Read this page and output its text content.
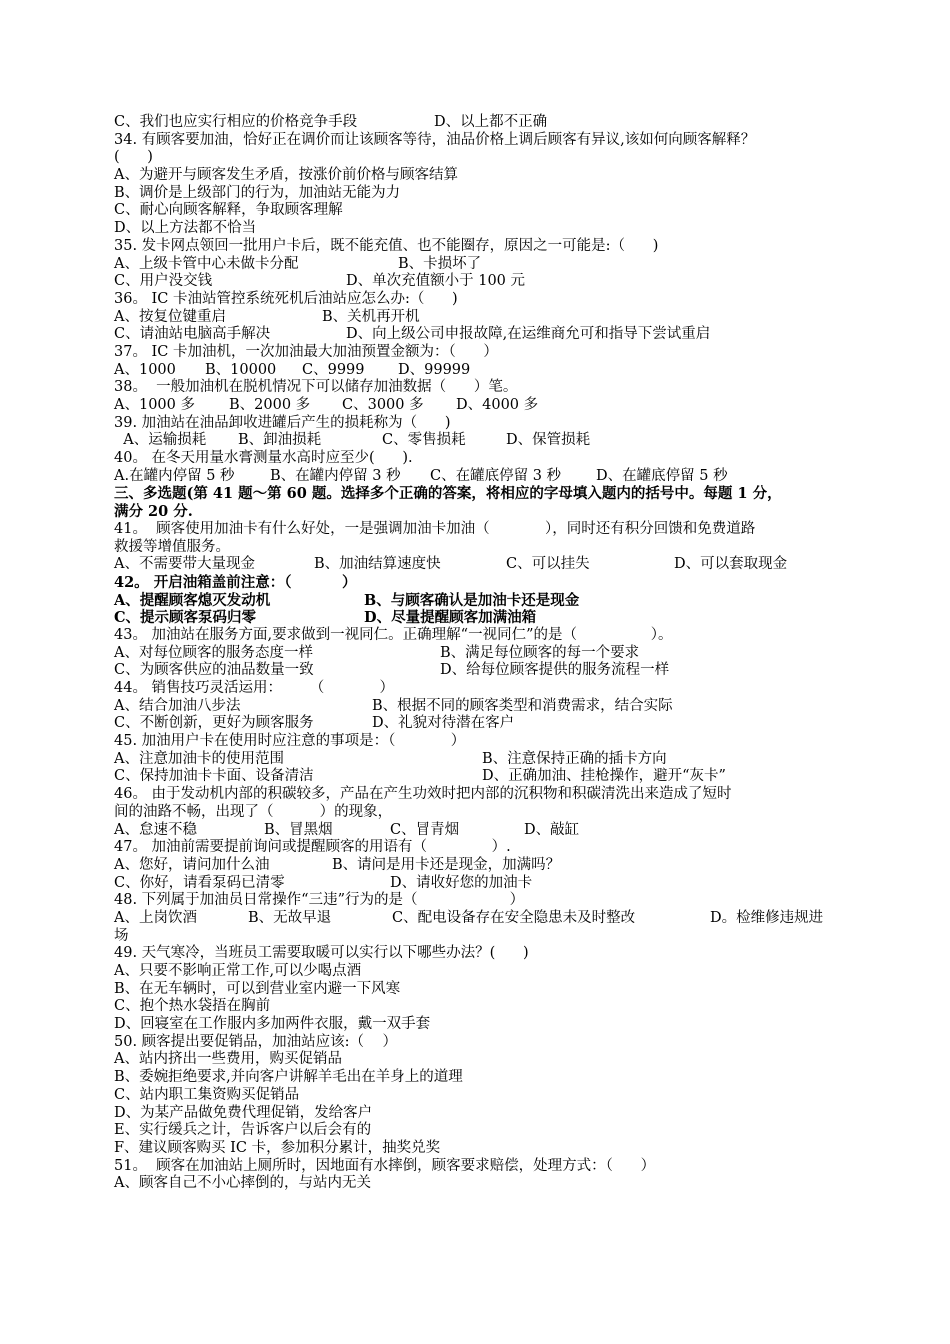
C、我们也应实行相应的价格竞争手段	D、以上都不正确
34. 有顾客要加油，恰好正在调价而让该顾客等待，油品价格上调后顾客有异议,该如何向顾客解释？
(      )
A、为避开与顾客发生矛盾，按涨价前价格与顾客结算
B、调价是上级部门的行为，加油站无能为力
C、耐心向顾客解释，争取顾客理解
D、以上方法都不恰当
35. 发卡网点领回一批用户卡后，既不能充值、也不能圈存，原因之一可能是:（      )
A、上级卡管中心未做卡分配	B、卡损坏了
C、用户没交钱	D、单次充值额小于 100 元
36。 IC 卡油站管控系统死机后油站应怎么办:（      )
A、按复位键重启	B、关机再开机
C、请油站电脑高手解决	D、向上级公司申报故障,在运维商允可和指导下尝试重启
37。 IC 卡加油机，一次加油最大加油预置金额为：（      ）
A、1000 B、10000 C、9999 D、99999
38。  一般加油机在脱机情况下可以储存加油数据（      ）笔。
A、1000 多 B、2000 多 C、3000 多 D、4000 多
39. 加油站在油品卸收进罐后产生的损耗称为（      )
A、运输损耗 B、卸油损耗	C、零售损耗	D、保管损耗
40。 在冬天用量水膏测量水高时应至少(      ).
A.在罐内停留 5 秒 B、在罐内停留 3 秒 C、在罐底停留 3 秒 D、在罐底停留 5 秒
三、多选题(第 41 题～第 60 题。选择多个正确的答案，将相应的字母填入题内的括号中。每题 1 分，
满分 20 分.
41。  顾客使用加油卡有什么好处，一是强调加油卡加油（            ），同时还有积分回馈和免费道路
救援等增值服务。
A、不需要带大量现金	B、加油结算速度快	C、可以挂失	D、可以套取现金
42。 开启油箱盖前注意：（          ）
A、提醒顾客熄灭发动机	B、与顾客确认是加油卡还是现金
C、提示顾客泵码归零	D、尽量提醒顾客加满油箱
43。 加油站在服务方面,要求做到一视同仁。正确理解“一视同仁”的是（                ）。
A、对每位顾客的服务态度一样	B、满足每位顾客的每一个要求
C、为顾客供应的油品数量一致	D、给每位顾客提供的服务流程一样
44。 销售技巧灵活运用：      （            ）
A、结合加油八步法	B、根据不同的顾客类型和消费需求，结合实际
C、不断创新，更好为顾客服务	D、礼貌对待潜在客户
45. 加油用户卡在使用时应注意的事项是：（            ）
A、注意加油卡的使用范围	B、注意保持正确的插卡方向
C、保持加油卡卡面、设备清洁	D、正确加油、挂枪操作，避开“灰卡”
46。 由于发动机内部的积碳较多，产品在产生功效时把内部的沉积物和积碳清洗出来造成了短时
间的油路不畅，出现了（          ）的现象，
A、怠速不稳	B、冒黑烟	C、冒青烟	D、敲缸
47。 加油前需要提前询问或提醒顾客的用语有（              ）.
A、您好，请问加什么油	B、请问是用卡还是现金，加满吗？
C、你好，请看泵码已清零	D、请收好您的加油卡
48. 下列属于加油员日常操作“三违”行为的是（                    ）
A、上岗饮酒	B、无故早退	C、配电设备存在安全隐患未及时整改	D。检维修违规进
场
49. 天气寒冷，当班员工需要取暖可以实行以下哪些办法？(      )
A、只要不影响正常工作,可以少喝点酒
B、在无车辆时，可以到营业室内避一下风寒
C、抱个热水袋捂在胸前
D、回寝室在工作服内多加两件衣服，戴一双手套
50. 顾客提出要促销品，加油站应该:（    ）
A、站内挤出一些费用，购买促销品
B、委婉拒绝要求,并向客户讲解羊毛出在羊身上的道理
C、站内职工集资购买促销品
D、为某产品做免费代理促销，发给客户
E、实行缓兵之计，告诉客户以后会有的
F、建议顾客购买 IC 卡，参加积分累计，抽奖兑奖
51。  顾客在加油站上厕所时，因地面有水摔倒，顾客要求赔偿，处理方式：（      ）
A、顾客自己不小心摔倒的，与站内无关
